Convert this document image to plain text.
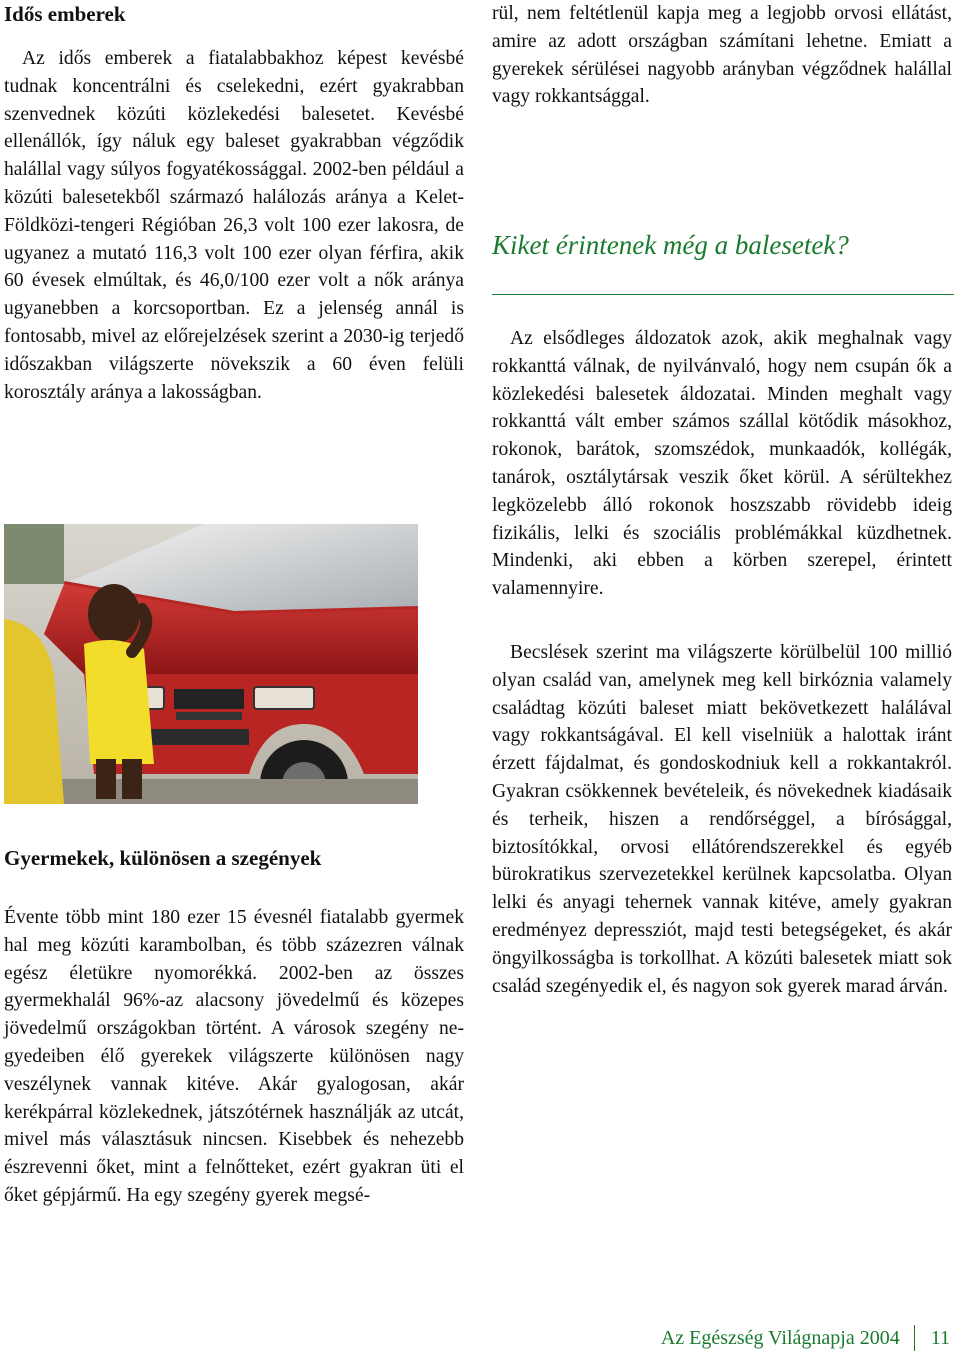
Idős emberek

Az idős emberek a fiatalabbakhoz képest kevésbé tudnak koncentrálni és cselekedni, ezért gyakrabban szenvednek közúti közlekedési balesetet. Kevésbé ellenállók, így náluk egy baleset gyakrabban végződik halállal vagy súlyos fogyatékossággal. 2002-ben például a közúti balesetekből származó halálozás aránya a Kelet-Földközi-tengeri Régióban 26,3 volt 100 ezer lakosra, de ugyanez a mutató 116,3 volt 100 ezer olyan férfira, akik 60 évesek elmúltak, és 46,0/100 ezer volt a nők aránya ugyanebben a korcsoportban. Ez a jelenség annál is fontosabb, mivel az előrejelzések szerint a 2030-ig terjedő időszakban világszerte növekszik a 60 éven felüli korosztály aránya a lakosságban.

Gyermekek, különösen a szegények

Évente több mint 180 ezer 15 évesnél fiatalabb gyermek hal meg közúti karambolban, és több százezren válnak egész életükre nyomorékká. 2002-ben az összes gyermekhalál 96%-az alacsony jövedelmű és közepes jövedelmű országokban történt. A városok szegény negyedeiben élő gyerekek világszerte különösen nagy veszélynek vannak kitéve. Akár gyalogosan, akár kerékpárral közlekednek, játszótérnek használják az utcát, mivel más választásuk nincsen. Kisebbek és nehezebb észrevenni őket, mint a felnőtteket, ezért gyakran üti el őket gépjármű. Ha egy szegény gyerek megsé-

rül, nem feltétlenül kapja meg a legjobb orvosi ellátást, amire az adott országban számítani lehetne. Emiatt a gyerekek sérülései nagyobb arányban végződnek halállal vagy rokkantsággal.

Kiket érintenek még a balesetek?

Az elsődleges áldozatok azok, akik meghalnak vagy rokkanttá válnak, de nyilvánvaló, hogy nem csupán ők a közlekedési balesetek áldozatai. Minden meghalt vagy rokkanttá vált ember számos szállal kötődik másokhoz, rokonok, barátok, szomszédok, munkaadók, kollégák, tanárok, osztálytársak veszik őket körül. A sérültekhez legközelebb álló rokonok hoszszabb rövidebb ideig fizikális, lelki és szociális problémákkal küzdhetnek. Mindenki, aki ebben a körben szerepel, érintett valamennyire.

Becslések szerint ma világszerte körülbelül 100 millió olyan család van, amelynek meg kell birkóznia valamely családtag közúti baleset miatt bekövetkezett halálával vagy rokkantságával. El kell viselniük a halottak iránt érzett fájdalmat, és gondoskodniuk kell a rokkantakról. Gyakran csökkennek bevételeik, és növekednek kiadásaik és terheik, hiszen a rendőrséggel, a bírósággal, biztosítókkal, orvosi ellátórendszerekkel és egyéb bürokratikus szervezetekkel kerülnek kapcsolatba. Olyan lelki és anyagi tehernek vannak kitéve, amely gyakran eredményez depressziót, majd testi betegségeket, és akár öngyilkosságba is torkollhat. A közúti balesetek miatt sok család szegényedik el, és nagyon sok gyerek marad árván.

Az Egészség Világnapja 2004 11
